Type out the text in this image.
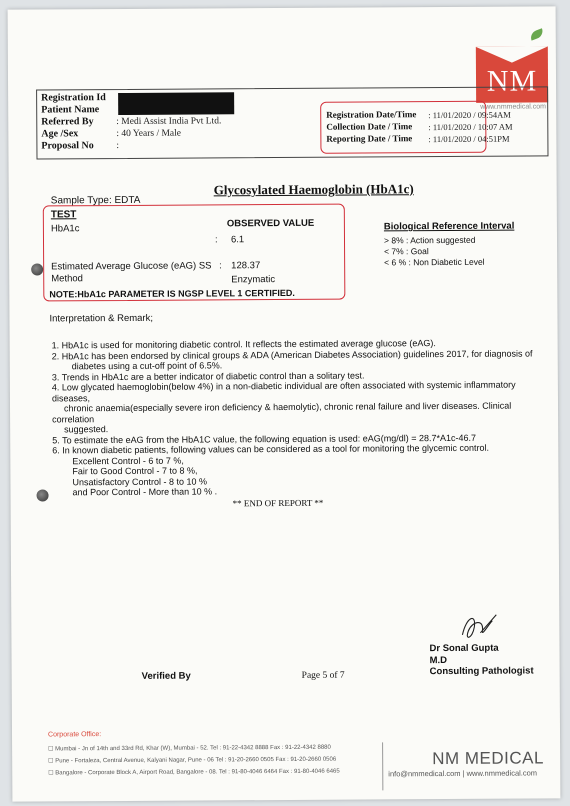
NM
www.nmmedical.com
Registration Id
Patient Name
Referred By
Age /Sex
Proposal No
: Medi Assist India Pvt Ltd.
: 40 Years / Male
:
Registration Date/Time : 11/01/2020 / 09:54AM
Collection Date / Time : 11/01/2020 / 10:07 AM
Reporting Date / Time : 11/01/2020 / 04:51PM
Glycosylated Haemoglobin (HbA1c)
Sample Type: EDTA
TEST
OBSERVED VALUE
HbA1c
: 6.1
Estimated Average Glucose (eAG) SS : 128.37
Method	Enzymatic
NOTE:HbA1c PARAMETER IS NGSP LEVEL 1 CERTIFIED.
Biological Reference Interval
> 8% : Action suggested
< 7% : Goal
< 6 % : Non Diabetic Level
Interpretation & Remark;
1. HbA1c is used for monitoring diabetic control. It reflects the estimated average glucose (eAG).
2. HbA1c has been endorsed by clinical groups & ADA (American Diabetes Association) guidelines 2017, for diagnosis of
diabetes using a cut-off point of 6.5%.
3. Trends in HbA1c are a better indicator of diabetic control than a solitary test.
4. Low glycated haemoglobin(below 4%) in a non-diabetic individual are often associated with systemic inflammatory
diseases,
chronic anaemia(especially severe iron deficiency & haemolytic), chronic renal failure and liver diseases. Clinical
correlation
suggested.
5. To estimate the eAG from the HbA1C value, the following equation is used: eAG(mg/dl) = 28.7*A1c-46.7
6. In known diabetic patients, following values can be considered as a tool for monitoring the glycemic control.
Excellent Control - 6 to 7 %,
Fair to Good Control - 7 to 8 %,
Unsatisfactory Control - 8 to 10 %
and Poor Control - More than 10 % .
** END OF REPORT **
Dr Sonal Gupta
M.D
Consulting Pathologist
Verified By	Page 5 of 7
Corporate Office:
☐ Mumbai - Jn of 14th and 33rd Rd, Khar (W), Mumbai - 52. Tel : 91-22-4342 8888 Fax : 91-22-4342 8880
☐ Pune - Fortaleza, Central Avenue, Kalyani Nagar, Pune - 06 Tel : 91-20-2660 0505 Fax : 91-20-2660 0506
☐ Bangalore - Corporate Block A, Airport Road, Bangalore - 08. Tel : 91-80-4046 6464 Fax : 91-80-4046 6465
NM MEDICAL
info@nmmedical.com | www.nmmedical.com
